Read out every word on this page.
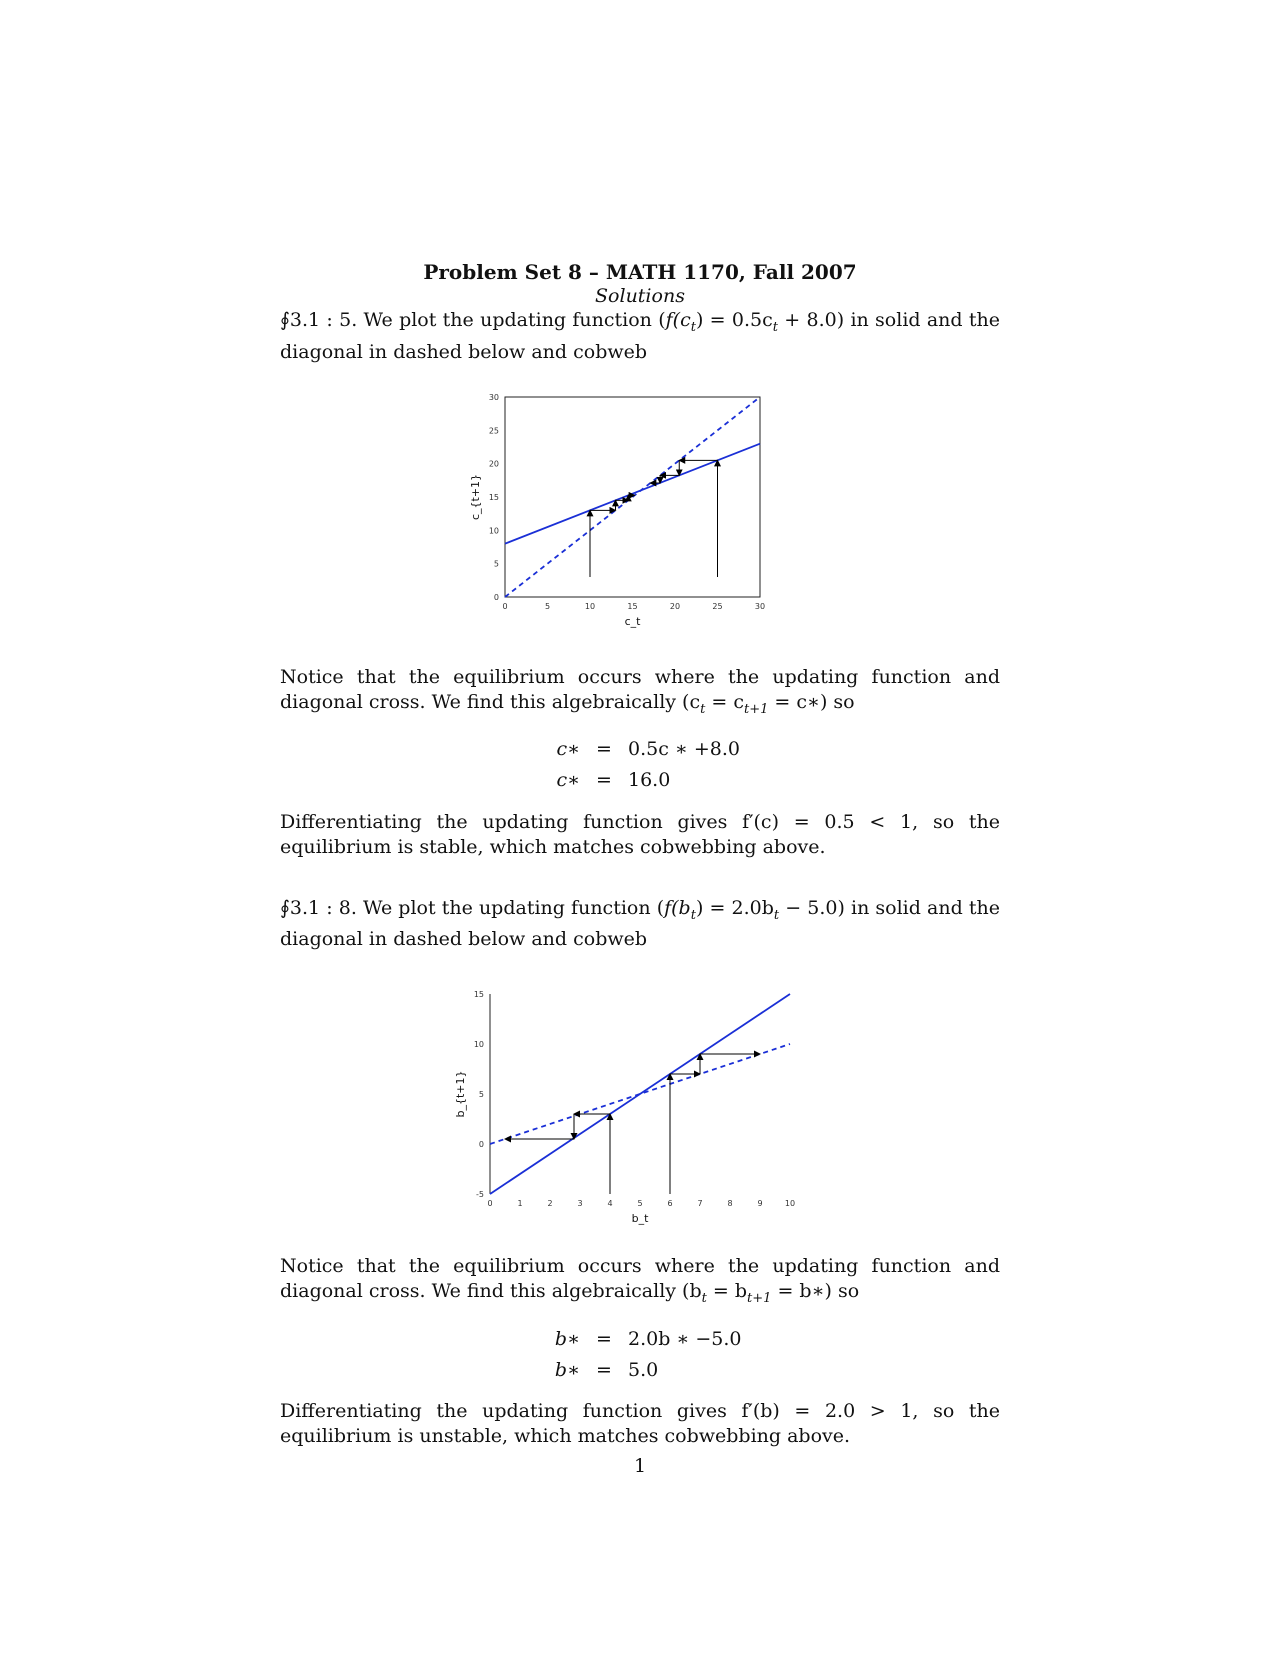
Problem Set 8 – MATH 1170, Fall 2007
Solutions
∮3.1 : 5. We plot the updating function $(f(c_t) = 0.5c_t + 8.0)$ in solid and the diagonal in dashed below and cobweb
0	5	10	15	20	25	30
0
5
10
15
20
25
30
c_t
c_{t+1}
Notice that the equilibrium occurs where the updating function and diagonal cross. We find this algebraically ($c_t = c_{t+1}$ = c∗) so
c∗ = 0.5c ∗ +8.0
c∗ = 16.0
Differentiating the updating function gives f′(c) = 0.5 < 1, so the equilibrium is stable, which matches cobwebbing above.
∮3.1 : 8. We plot the updating function $(f(b_t) = 2.0b_t - 5.0)$ in solid and the diagonal in dashed below and cobweb
0	1	2	3	4	5	6	7	8	9	10
-5
0
5
10
15
b_t
b_{t+1}
Notice that the equilibrium occurs where the updating function and diagonal cross. We find this algebraically ($b_t = b_{t+1}$ = b∗) so
b∗ = 2.0b ∗ −5.0
b∗ = 5.0
Differentiating the updating function gives f′(b) = 2.0 > 1, so the equilibrium is unstable, which matches cobwebbing above.
1
